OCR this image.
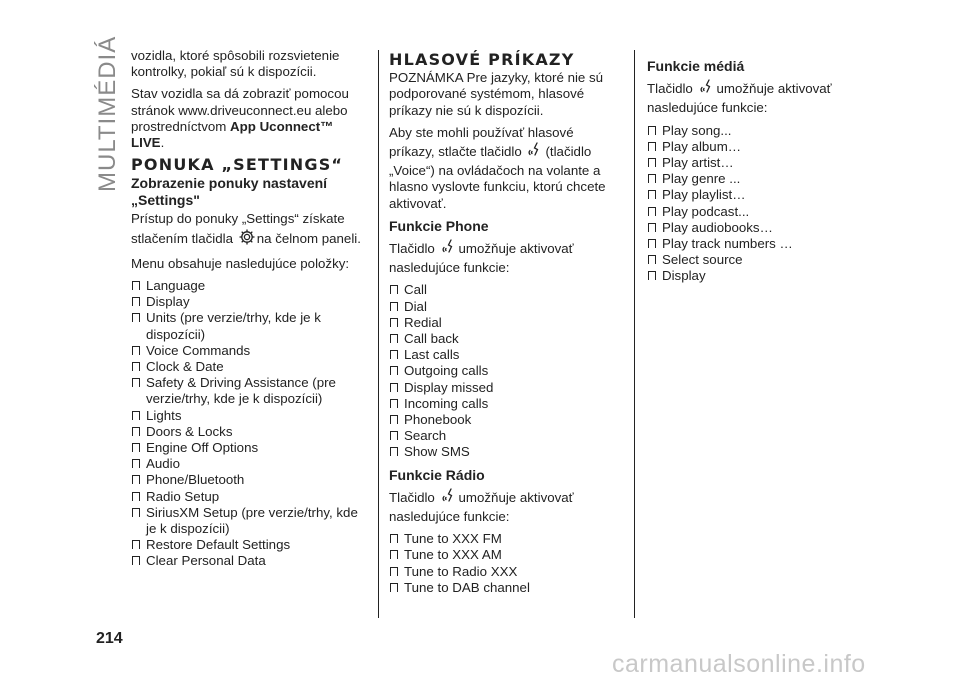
MULTIMÉDIÁ vozidla, ktoré spôsobili rozsvietenie kontrolky, pokiaľ sú k dispozícii.

Stav vozidla sa dá zobraziť pomocou stránok www.driveuconnect.eu alebo prostredníctvom App Uconnect™ LIVE.

PONUKA „SETTINGS“
Zobrazenie ponuky nastavení „Settings"

Prístup do ponuky „Settings“ získate stlačením tlačidla na čelnom paneli.

Menu obsahuje nasledujúce položky:

Language
Display
Units (pre verzie/trhy, kde je k dispozícii)
Voice Commands
Clock & Date
Safety & Driving Assistance (pre verzie/trhy, kde je k dispozícii)
Lights
Doors & Locks
Engine Off Options
Audio
Phone/Bluetooth
Radio Setup
SiriusXM Setup (pre verzie/trhy, kde je k dispozícii)
Restore Default Settings
Clear Personal Data
HLASOVÉ PRÍKAZY

POZNÁMKA Pre jazyky, ktoré nie sú podporované systémom, hlasové príkazy nie sú k dispozícii.

Aby ste mohli používať hlasové príkazy, stlačte tlačidlo (tlačidlo „Voice“) na ovládačoch na volante a hlasno vyslovte funkciu, ktorú chcete aktivovať.

Funkcie Phone

Tlačidlo umožňuje aktivovať nasledujúce funkcie:

Call
Dial
Redial
Call back
Last calls
Outgoing calls
Display missed
Incoming calls
Phonebook
Search
Show SMS
Funkcie Rádio

Tlačidlo umožňuje aktivovať nasledujúce funkcie:

Tune to XXX FM
Tune to XXX AM
Tune to Radio XXX
Tune to DAB channel
Funkcie médiá

Tlačidlo umožňuje aktivovať nasledujúce funkcie:

Play song...
Play album…
Play artist…
Play genre ...
Play playlist…
Play podcast...
Play audiobooks…
Play track numbers …
Select source
Display
214
carmanualsonline.info
